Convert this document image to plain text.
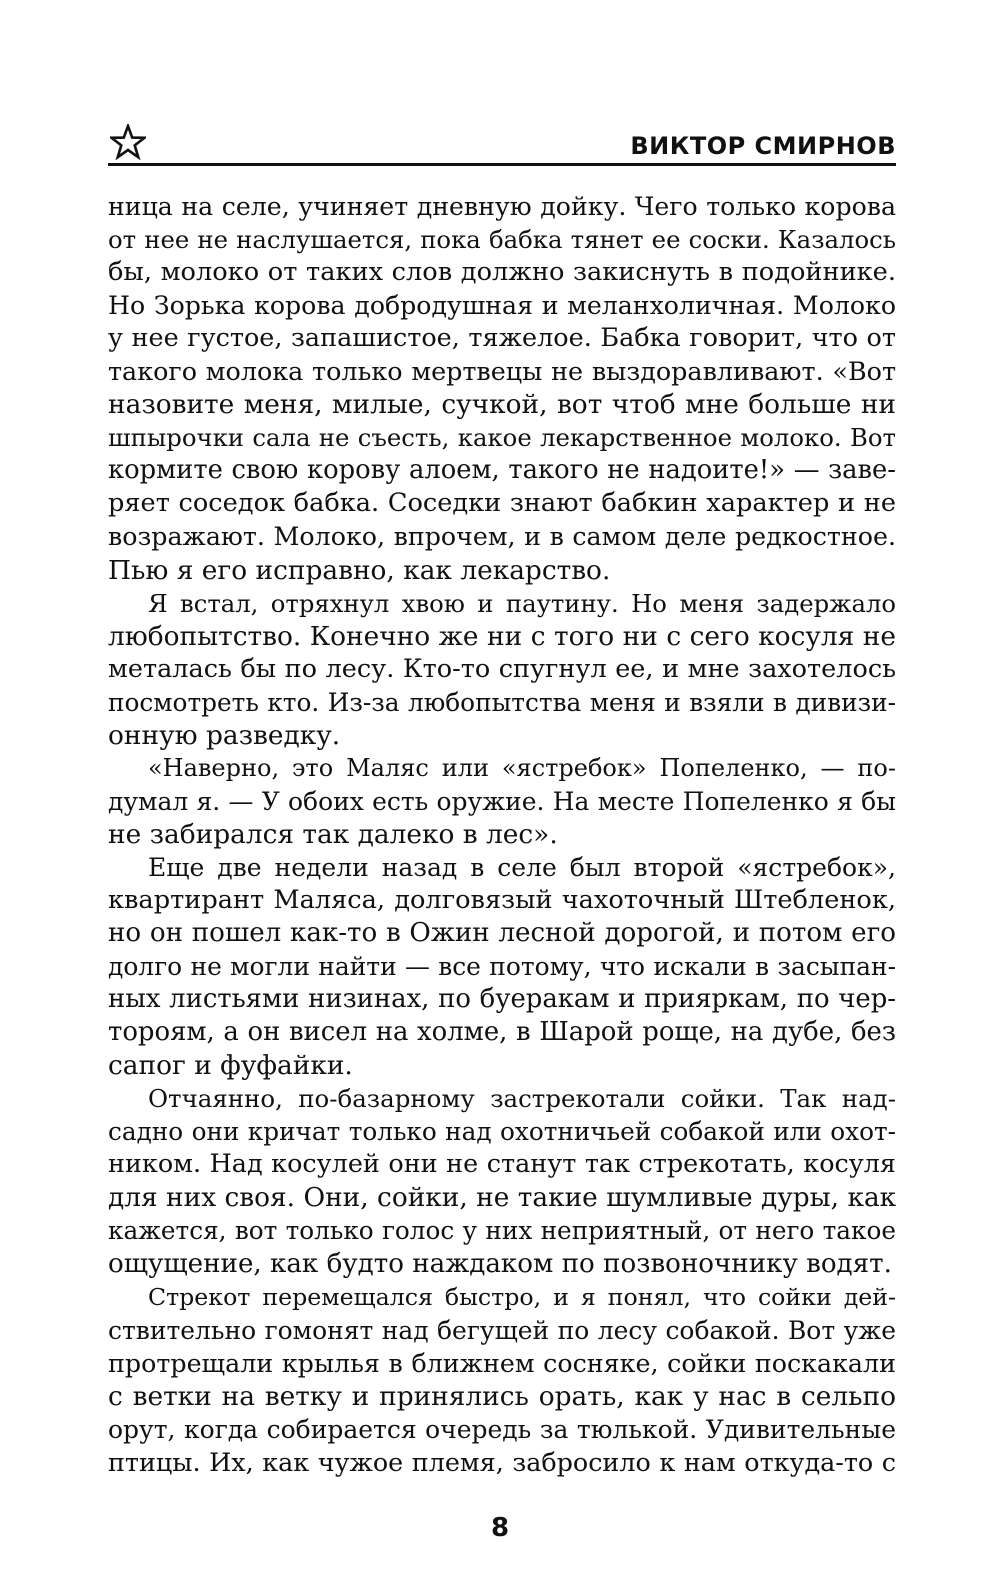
ВИКТОР СМИРНОВ
ница на селе, учиняет дневную дойку. Чего только корова
от нее не наслушается, пока бабка тянет ее соски. Казалось
бы, молоко от таких слов должно закиснуть в подойнике.
Но Зорька корова добродушная и меланхоличная. Молоко
у нее густое, запашистое, тяжелое. Бабка говорит, что от
такого молока только мертвецы не выздоравливают. «Вот
назовите меня, милые, сучкой, вот чтоб мне больше ни
шпырочки сала не съесть, какое лекарственное молоко. Вот
кормите свою корову алоем, такого не надоите!» — заве-
ряет соседок бабка. Соседки знают бабкин характер и не
возражают. Молоко, впрочем, и в самом деле редкостное.
Пью я его исправно, как лекарство.
Я встал, отряхнул хвою и паутину. Но меня задержало
любопытство. Конечно же ни с того ни с сего косуля не
металась бы по лесу. Кто-то спугнул ее, и мне захотелось
посмотреть кто. Из-за любопытства меня и взяли в дивизи-
онную разведку.
«Наверно, это Маляс или «ястребок» Попеленко, — по-
думал я. — У обоих есть оружие. На месте Попеленко я бы
не забирался так далеко в лес».
Еще две недели назад в селе был второй «ястребок»,
квартирант Маляса, долговязый чахоточный Штебленок,
но он пошел как-то в Ожин лесной дорогой, и потом его
долго не могли найти — все потому, что искали в засыпан-
ных листьями низинах, по буеракам и прияркам, по чер-
тороям, а он висел на холме, в Шарой роще, на дубе, без
сапог и фуфайки.
Отчаянно, по-базарному застрекотали сойки. Так над-
садно они кричат только над охотничьей собакой или охот-
ником. Над косулей они не станут так стрекотать, косуля
для них своя. Они, сойки, не такие шумливые дуры, как
кажется, вот только голос у них неприятный, от него такое
ощущение, как будто наждаком по позвоночнику водят.
Стрекот перемещался быстро, и я понял, что сойки дей-
ствительно гомонят над бегущей по лесу собакой. Вот уже
протрещали крылья в ближнем сосняке, сойки поскакали
с ветки на ветку и принялись орать, как у нас в сельпо
орут, когда собирается очередь за тюлькой. Удивительные
птицы. Их, как чужое племя, забросило к нам откуда-то с
8
